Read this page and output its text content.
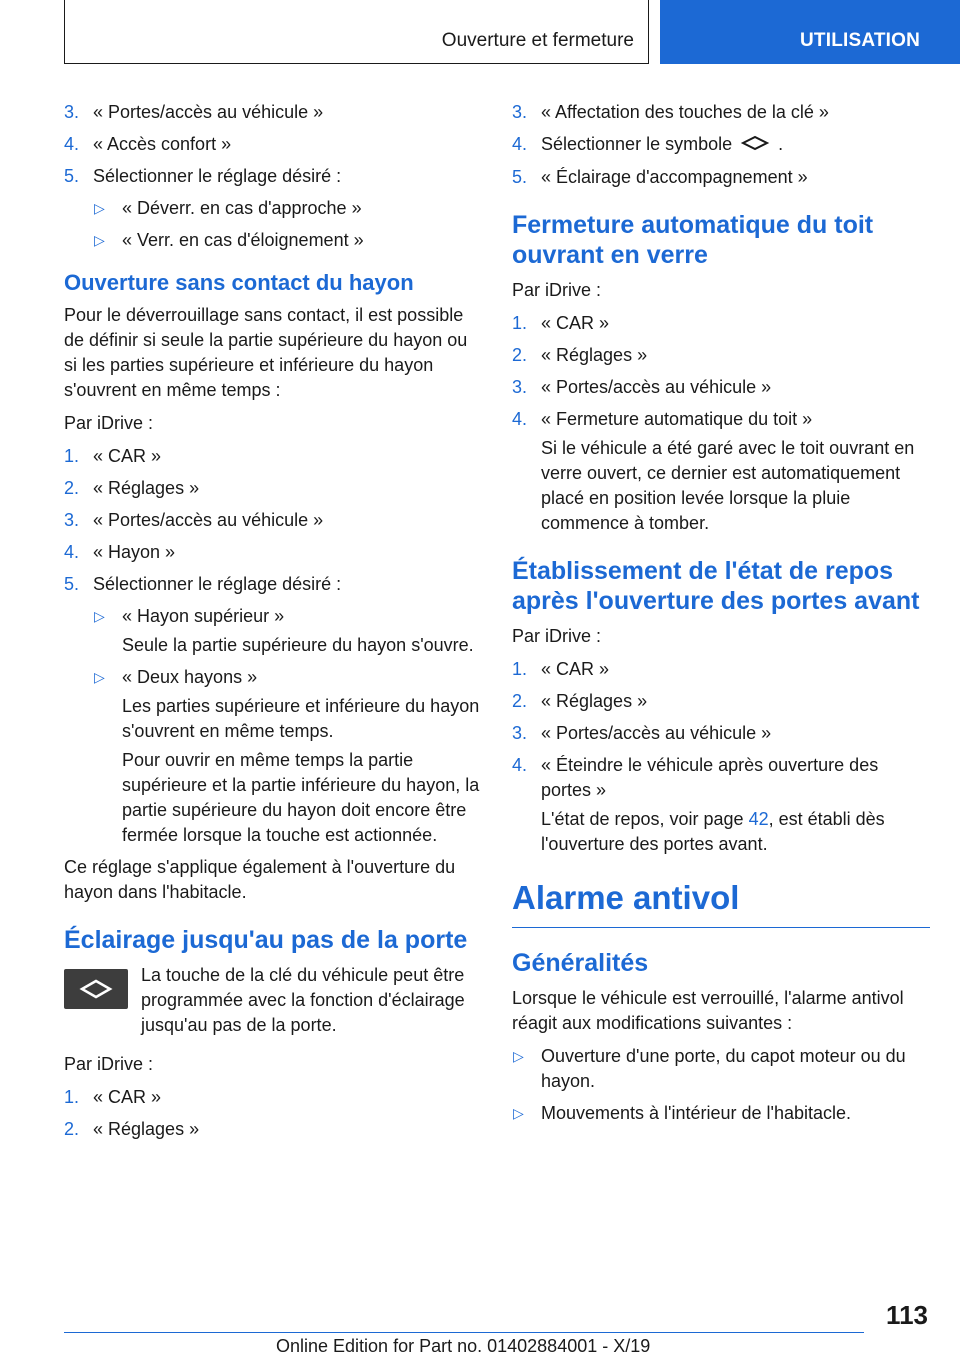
Ouverture et fermeture	UTILISATION
3. « Portes/accès au véhicule »
4. « Accès confort »
5. Sélectionner le réglage désiré :
▷ « Déverr. en cas d'approche »
▷ « Verr. en cas d'éloignement »
Ouverture sans contact du hayon
Pour le déverrouillage sans contact, il est possible de définir si seule la partie supérieure du hayon ou si les parties supérieure et inférieure du hayon s'ouvrent en même temps :
Par iDrive :
1. « CAR »
2. « Réglages »
3. « Portes/accès au véhicule »
4. « Hayon »
5. Sélectionner le réglage désiré :
▷ « Hayon supérieur »
Seule la partie supérieure du hayon s'ouvre.
▷ « Deux hayons »
Les parties supérieure et inférieure du hayon s'ouvrent en même temps.
Pour ouvrir en même temps la partie supérieure et la partie inférieure du hayon, la partie supérieure du hayon doit encore être fermée lorsque la touche est actionnée.
Ce réglage s'applique également à l'ouverture du hayon dans l'habitacle.
Éclairage jusqu'au pas de la porte
La touche de la clé du véhicule peut être programmée avec la fonction d'éclairage jusqu'au pas de la porte.
Par iDrive :
1. « CAR »
2. « Réglages »
3. « Affectation des touches de la clé »
4. Sélectionner le symbole	.
5. « Éclairage d'accompagnement »
Fermeture automatique du toit ouvrant en verre
Par iDrive :
1. « CAR »
2. « Réglages »
3. « Portes/accès au véhicule »
4. « Fermeture automatique du toit »
Si le véhicule a été garé avec le toit ouvrant en verre ouvert, ce dernier est automatiquement placé en position levée lorsque la pluie commence à tomber.
Établissement de l'état de repos après l'ouverture des portes avant
Par iDrive :
1. « CAR »
2. « Réglages »
3. « Portes/accès au véhicule »
4. « Éteindre le véhicule après ouverture des portes »
L'état de repos, voir page 42, est établi dès l'ouverture des portes avant.
Alarme antivol
Généralités
Lorsque le véhicule est verrouillé, l'alarme antivol réagit aux modifications suivantes :
▷ Ouverture d'une porte, du capot moteur ou du hayon.
▷ Mouvements à l'intérieur de l'habitacle.
113
Online Edition for Part no. 01402884001 - X/19
